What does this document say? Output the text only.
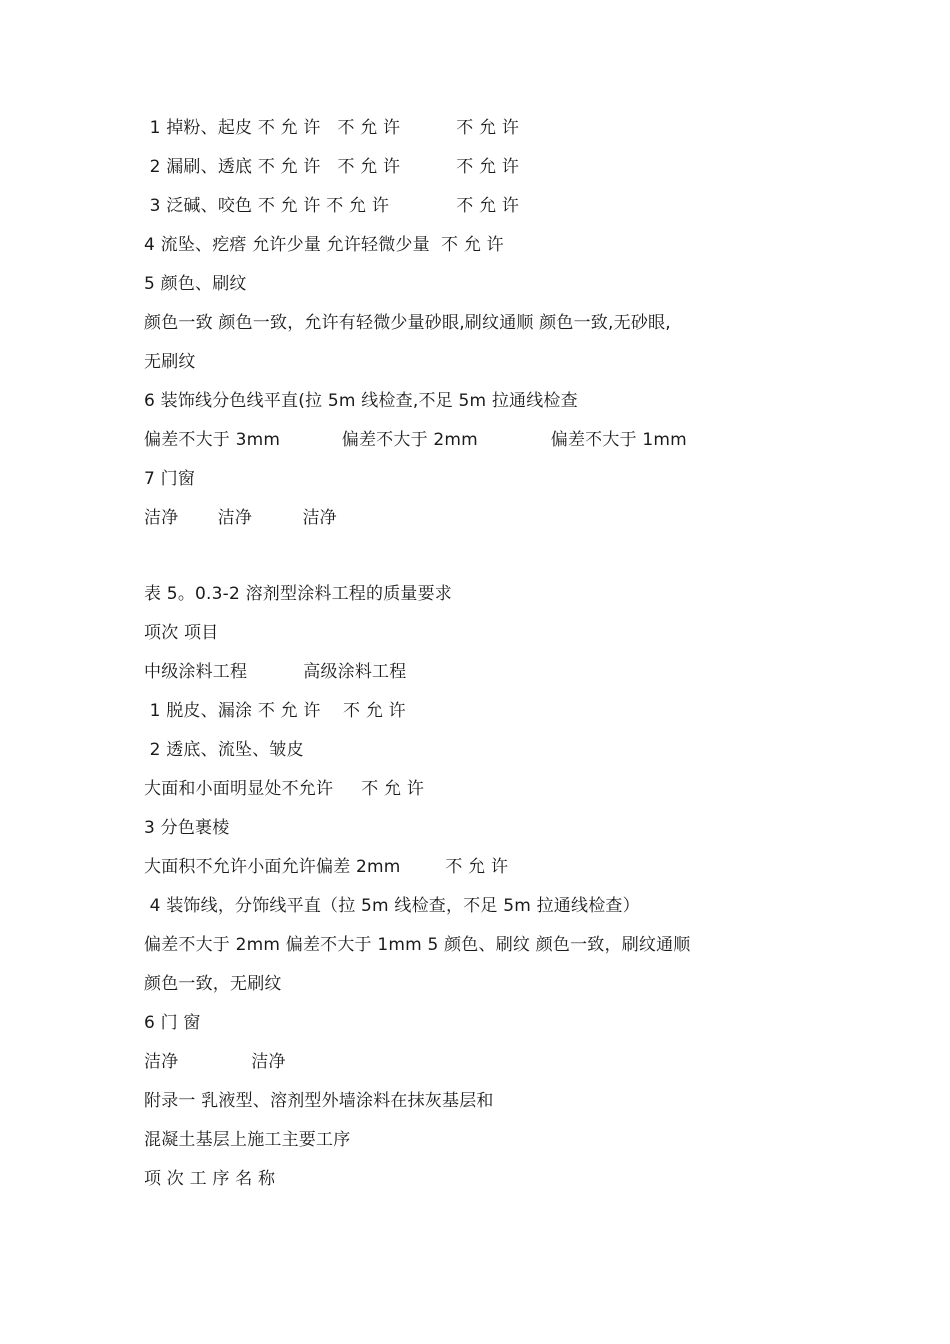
1 掉粉、起皮 不 允 许   不 允 许          不 允 许
2 漏刷、透底 不 允 许   不 允 许          不 允 许
3 泛碱、咬色 不 允 许 不 允 许            不 允 许
4 流坠、疙瘩 允许少量 允许轻微少量  不 允 许
5 颜色、刷纹
颜色一致 颜色一致，允许有轻微少量砂眼,刷纹通顺 颜色一致,无砂眼,
无刷纹
6 装饰线分色线平直(拉 5m 线检查,不足 5m 拉通线检查
偏差不大于 3mm           偏差不大于 2mm             偏差不大于 1mm
7 门窗
洁净       洁净         洁净
表 5。0.3-2 溶剂型涂料工程的质量要求
项次 项目
中级涂料工程          高级涂料工程
1 脱皮、漏涂 不 允 许    不 允 许
2 透底、流坠、皱皮
大面和小面明显处不允许     不 允 许
3 分色裹棱
大面积不允许小面允许偏差 2mm        不 允 许
4 装饰线，分饰线平直（拉 5m 线检查，不足 5m 拉通线检查）
偏差不大于 2mm 偏差不大于 1mm 5 颜色、刷纹 颜色一致，刷纹通顺
颜色一致，无刷纹
6 门 窗
洁净             洁净
附录一 乳液型、溶剂型外墙涂料在抹灰基层和
混凝土基层上施工主要工序
项 次 工 序 名 称
